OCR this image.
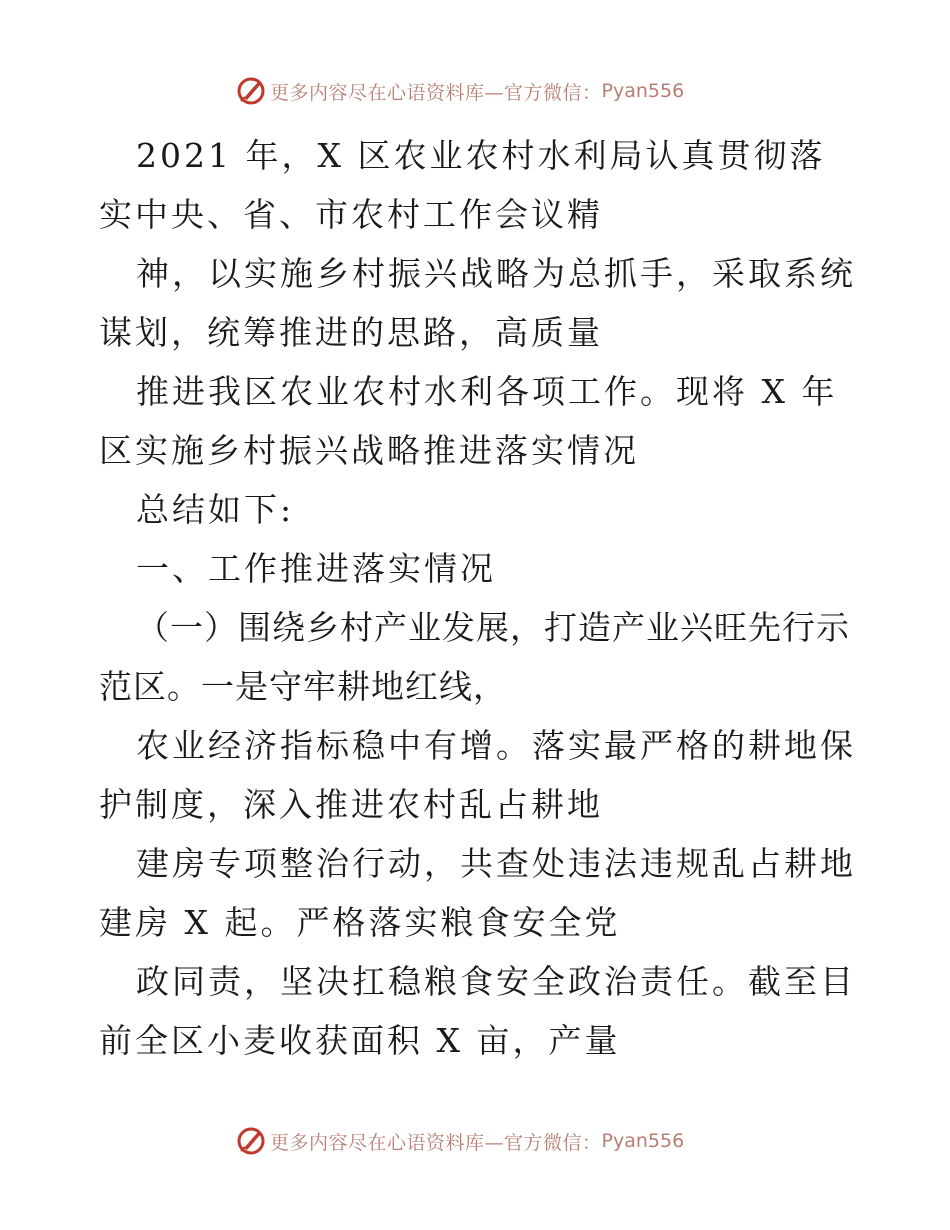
更多内容尽在心语资料库—官方微信： Pyan556

2021 年，X 区农业农村水利局认真贯彻落实中央、省、市农村工作会议精

神，以实施乡村振兴战略为总抓手，采取系统谋划，统筹推进的思路，高质量

推进我区农业农村水利各项工作。现将 X 年区实施乡村振兴战略推进落实情况

总结如下:

一、工作推进落实情况

（一）围绕乡村产业发展，打造产业兴旺先行示范区。一是守牢耕地红线，

农业经济指标稳中有增。落实最严格的耕地保护制度，深入推进农村乱占耕地

建房专项整治行动，共查处违法违规乱占耕地建房 X 起。严格落实粮食安全党

政同责，坚决扛稳粮食安全政治责任。截至目前全区小麦收获面积 X 亩，产量

更多内容尽在心语资料库—官方微信： Pyan556
